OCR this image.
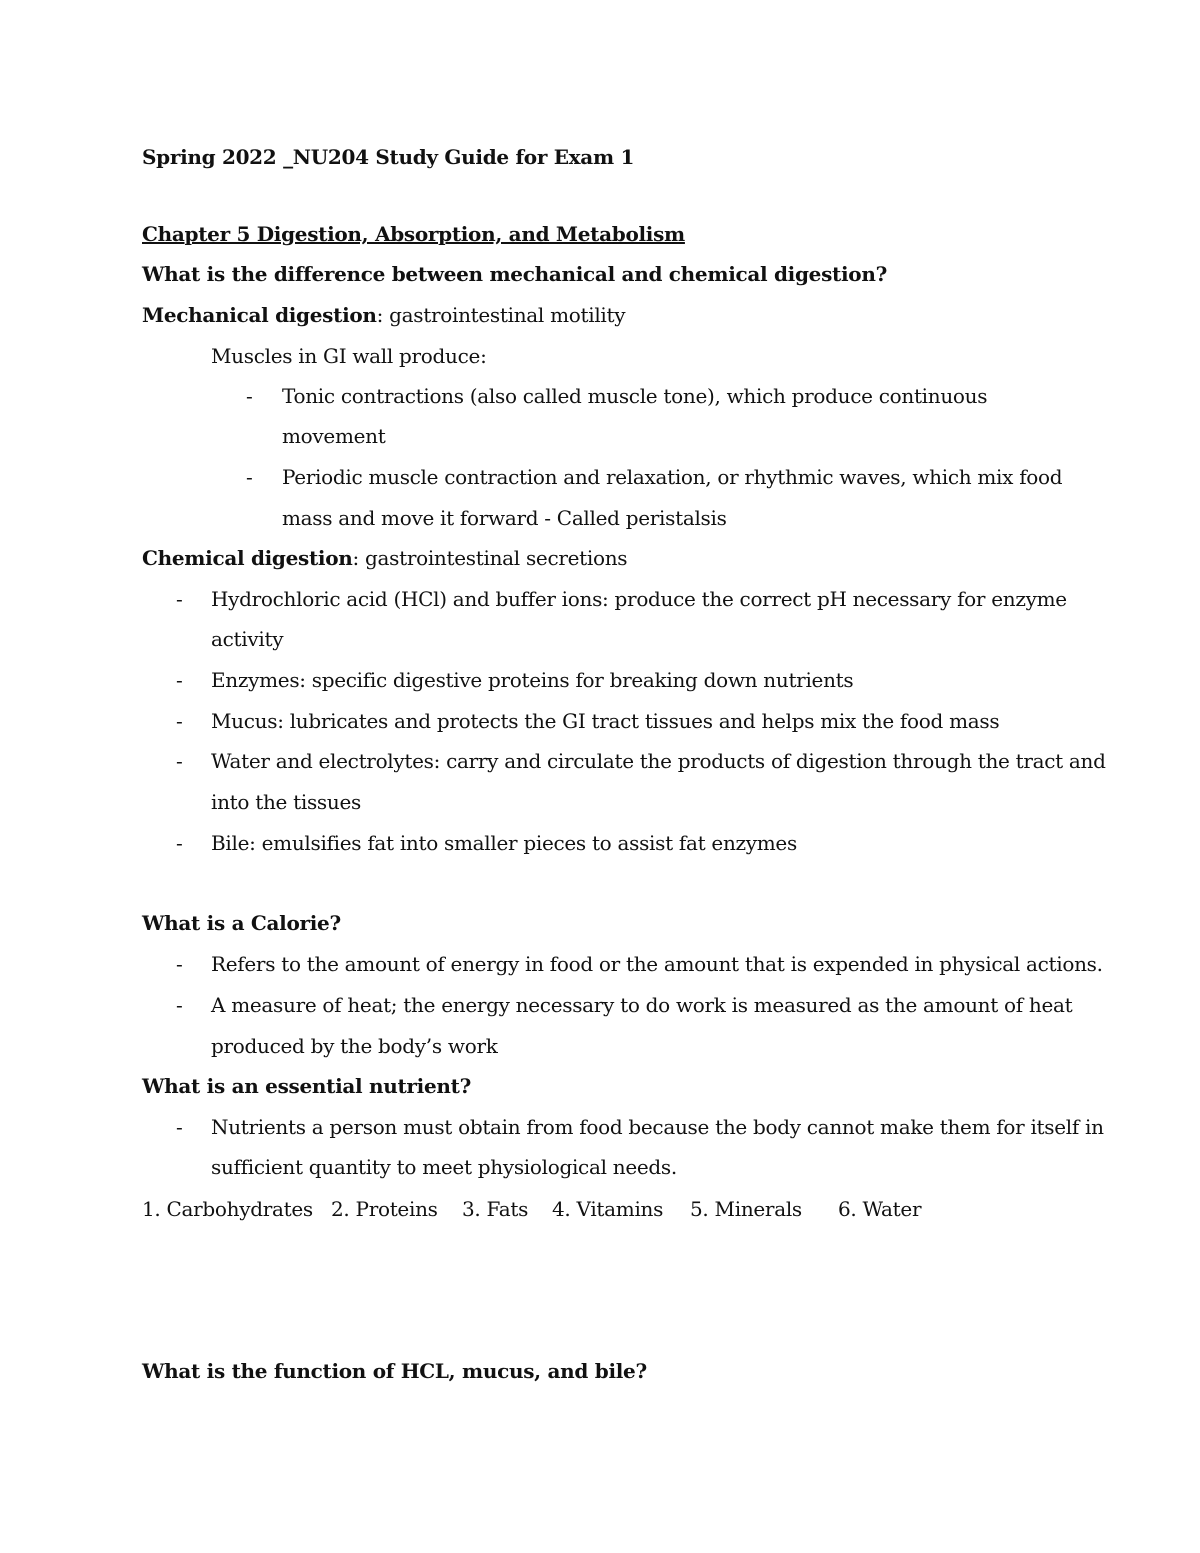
Spring 2022 _NU204 Study Guide for Exam 1
Chapter 5 Digestion, Absorption, and Metabolism
What is the difference between mechanical and chemical digestion?
Mechanical digestion: gastrointestinal motility
Muscles in GI wall produce:
- Tonic contractions (also called muscle tone), which produce continuous
movement
- Periodic muscle contraction and relaxation, or rhythmic waves, which mix food
mass and move it forward - Called peristalsis
Chemical digestion: gastrointestinal secretions
- Hydrochloric acid (HCl) and buffer ions: produce the correct pH necessary for enzyme
activity
- Enzymes: specific digestive proteins for breaking down nutrients
- Mucus: lubricates and protects the GI tract tissues and helps mix the food mass
- Water and electrolytes: carry and circulate the products of digestion through the tract and
into the tissues
- Bile: emulsifies fat into smaller pieces to assist fat enzymes
What is a Calorie?
- Refers to the amount of energy in food or the amount that is expended in physical actions.
- A measure of heat; the energy necessary to do work is measured as the amount of heat
produced by the body’s work
What is an essential nutrient?
- Nutrients a person must obtain from food because the body cannot make them for itself in
sufficient quantity to meet physiological needs.
1. Carbohydrates 2. Proteins 3. Fats 4. Vitamins 5. Minerals 6. Water
What is the function of HCL, mucus, and bile?
